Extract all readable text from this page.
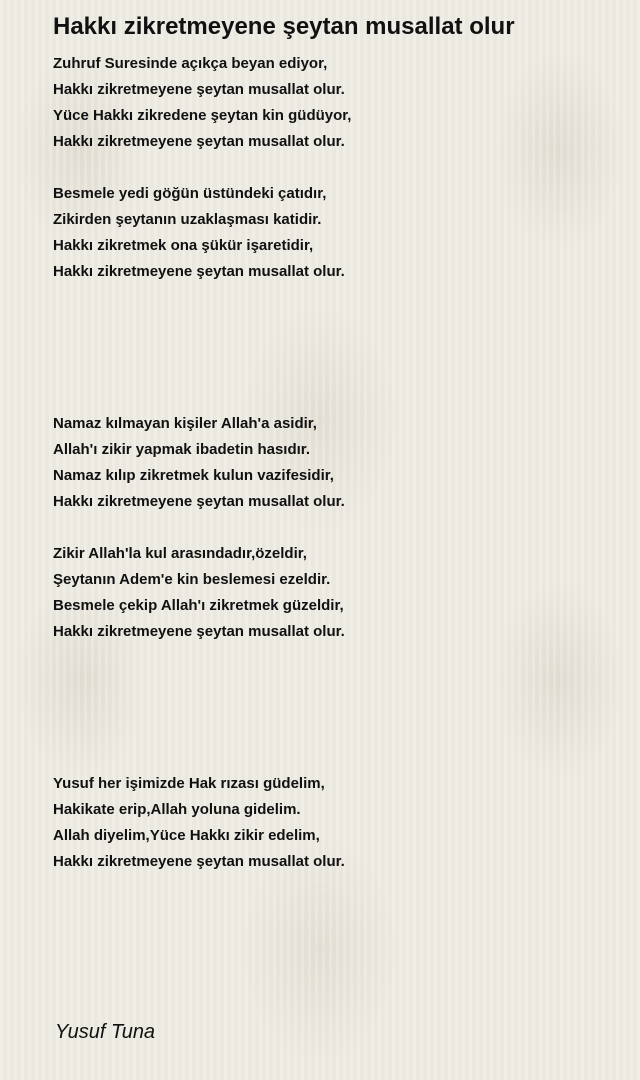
Hakkı zikretmeyene şeytan musallat olur
Zuhruf Suresinde açıkça beyan ediyor,
Hakkı zikretmeyene şeytan musallat olur.
Yüce Hakkı zikredene şeytan kin güdüyor,
Hakkı zikretmeyene şeytan musallat olur.
Besmele yedi göğün üstündeki çatıdır,
Zikirden şeytanın uzaklaşması katidir.
Hakkı zikretmek ona şükür işaretidir,
Hakkı zikretmeyene şeytan musallat olur.
Namaz kılmayan kişiler Allah'a asidir,
Allah'ı zikir yapmak ibadetin hasıdır.
Namaz kılıp zikretmek kulun vazifesidir,
Hakkı zikretmeyene şeytan musallat olur.
Zikir Allah'la kul arasındadır,özeldir,
Şeytanın Adem'e kin beslemesi ezeldir.
Besmele çekip Allah'ı zikretmek güzeldir,
Hakkı zikretmeyene şeytan musallat olur.
Yusuf her işimizde Hak rızası güdelim,
Hakikate erip,Allah yoluna gidelim.
Allah diyelim,Yüce Hakkı zikir edelim,
Hakkı zikretmeyene şeytan musallat olur.

Yusuf Tuna
